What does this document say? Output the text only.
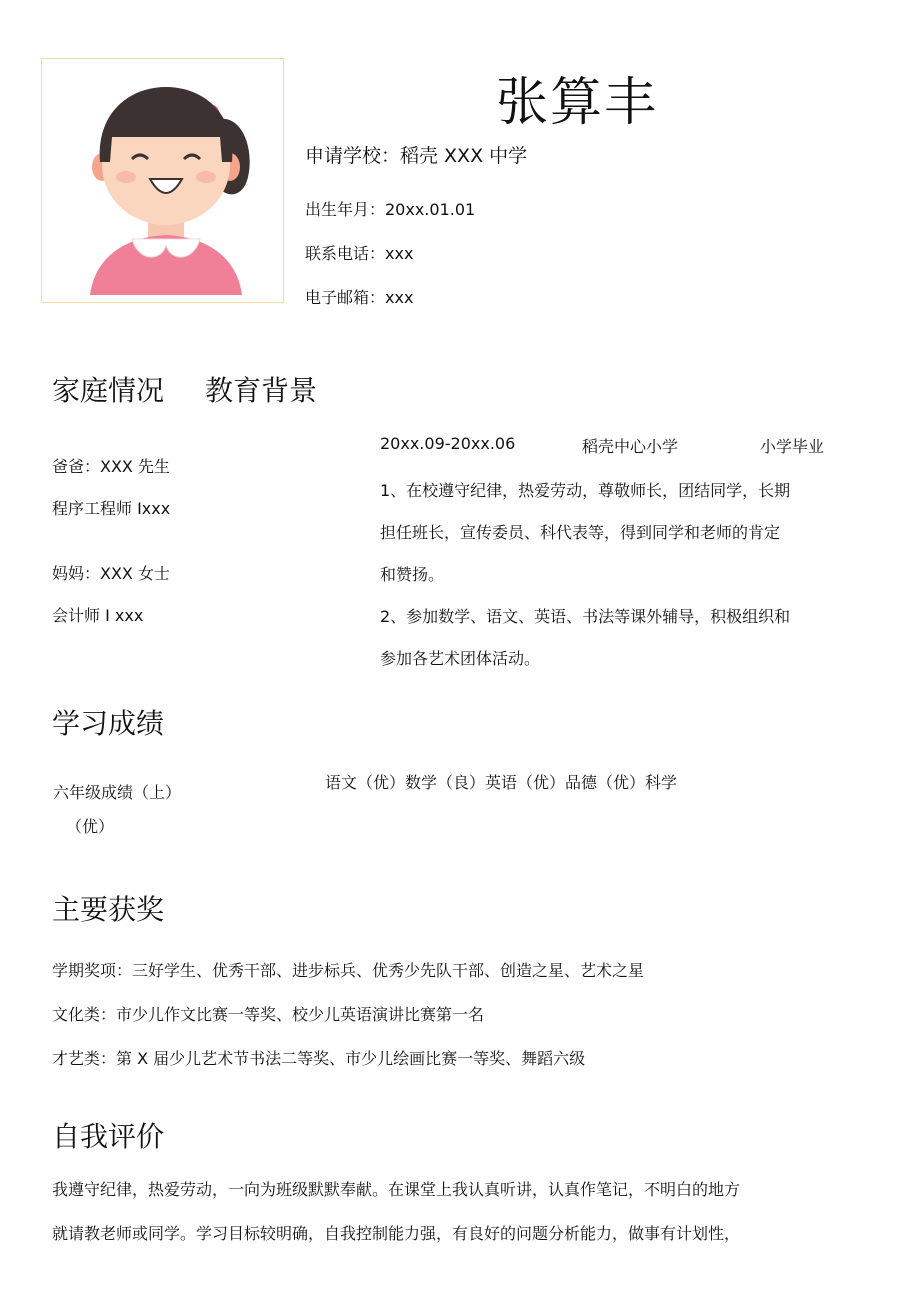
张算丰
申请学校：稻壳 XXX 中学
出生年月：20xx.01.01
联系电话：xxx
电子邮箱：xxx
家庭情况 教育背景
爸爸：XXX 先生
程序工程师 Ixxx
妈妈：XXX 女士
会计师 I xxx
20xx.09-20xx.06	稻壳中心小学	小学毕业

1、在校遵守纪律，热爱劳动，尊敬师长，团结同学，长期

担任班长，宣传委员、科代表等，得到同学和老师的肯定

和赞扬。

2、参加数学、语文、英语、书法等课外辅导，积极组织和

参加各艺术团体活动。

学习成绩
六年级成绩（上）
（优）
语文（优）数学（良）英语（优）品德（优）科学
主要获奖
学期奖项：三好学生、优秀干部、进步标兵、优秀少先队干部、创造之星、艺术之星
文化类：市少儿作文比赛一等奖、校少儿英语演讲比赛第一名
才艺类：第 X 届少儿艺术节书法二等奖、市少儿绘画比赛一等奖、舞蹈六级
自我评价

我遵守纪律，热爱劳动，一向为班级默默奉献。在课堂上我认真听讲，认真作笔记，不明白的地方

就请教老师或同学。学习目标较明确，自我控制能力强，有良好的问题分析能力，做事有计划性，
